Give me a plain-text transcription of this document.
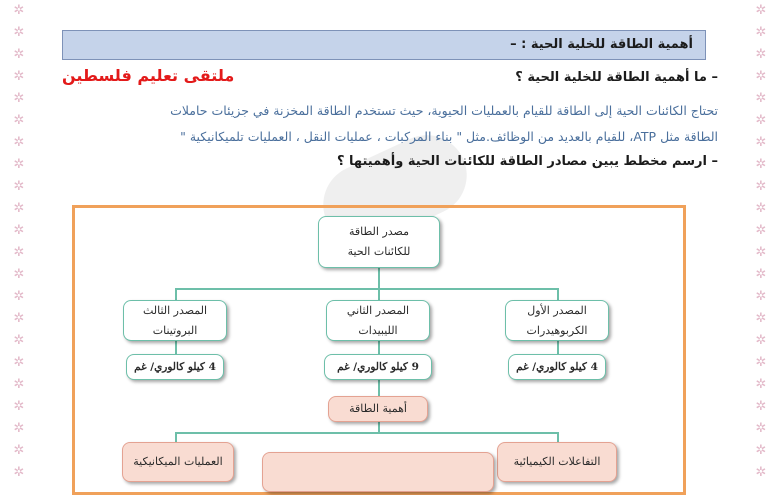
✲
✲
✲
✲
✲
✲
✲
✲
✲
✲
✲
✲
✲
✲
✲
✲
✲
✲
✲
✲
✲
✲
✲
✲
✲
✲
✲
✲
✲
✲
✲
✲
✲
✲
✲
✲
✲
✲
✲
✲
✲
✲
✲
✲
أهمية الطاقة للخلية الحية : –
– ما أهمية الطاقة للخلية الحية ؟
ملتقى تعليم فلسطين
تحتاج الكائنات الحية إلى الطاقة للقيام بالعمليات الحيوية، حيث تستخدم الطاقة المخزنة في جزيئات حاملات
الطاقة مثل ATP، للقيام بالعديد من الوظائف.مثل " بناء المركبات ، عمليات النقل ، العمليات تلميكانيكية "
– ارسم مخطط يبين مصادر الطاقة للكائنات الحية وأهميتها ؟
مصدر الطاقة
للكائنات الحية
المصدر الأول
الكربوهيدرات
المصدر الثاني
الليبيدات
المصدر الثالث
البروتينات
4 كيلو كالوري/ غم
9 كيلو كالوري/ غم
4 كيلو كالوري/ غم
أهمية الطاقة
التفاعلات الكيميائية
العمليات الميكانيكية
